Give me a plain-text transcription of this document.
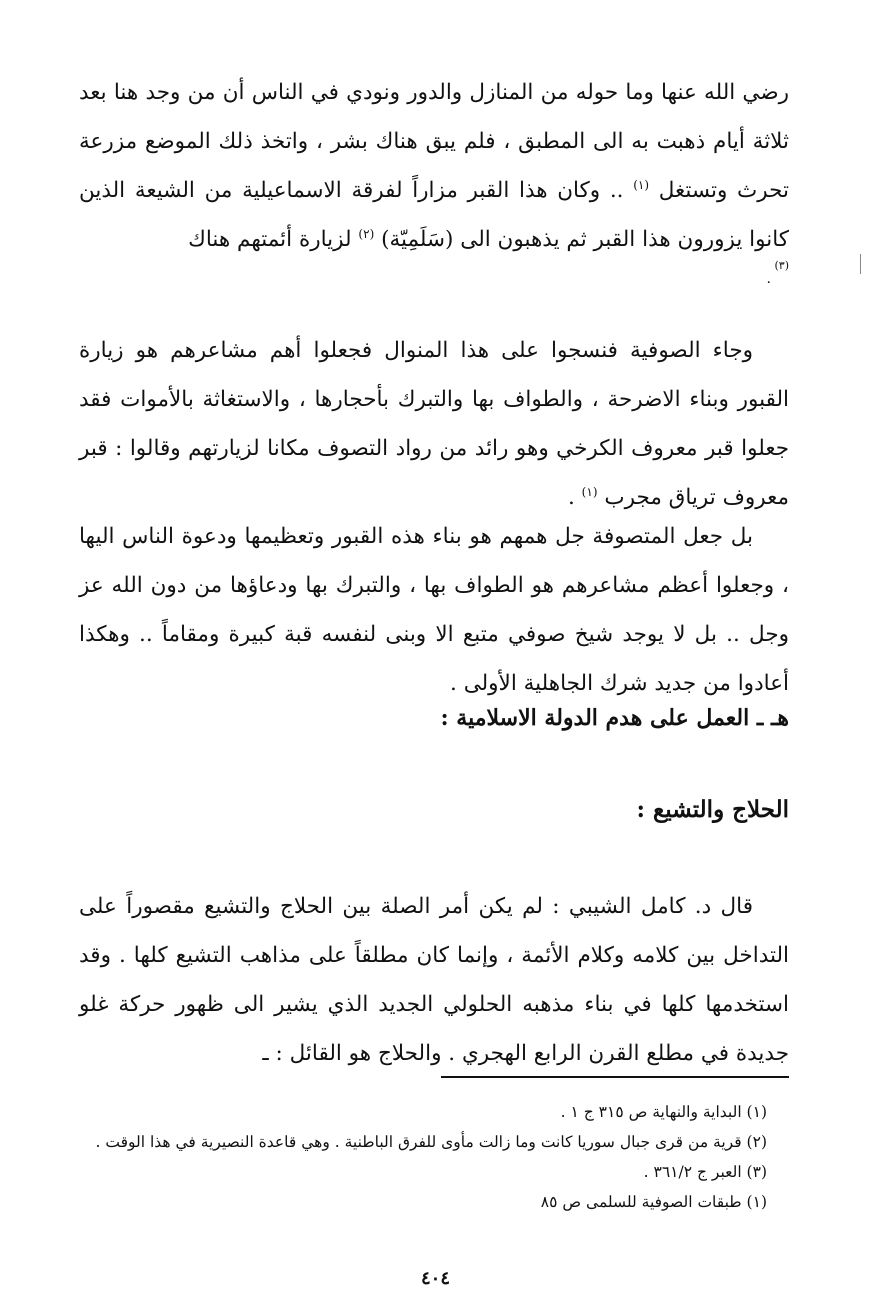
رضي الله عنها وما حوله من المنازل والدور ونودي في الناس أن من وجد هنا بعد ثلاثة أيام ذهبت به الى المطبق ، فلم يبق هناك بشر ، واتخذ ذلك الموضع مزرعة تحرث وتستغل $^{(١)}$ .. وكان هذا القبر مزاراً لفرقة الاسماعيلية من الشيعة الذين كانوا يزورون هذا القبر ثم يذهبون الى (سَلَمِيّة) $^{(٢)}$ لزيارة أئمتهم هناك

(٣)
.

وجاء الصوفية فنسجوا على هذا المنوال فجعلوا أهم مشاعرهم هو زيارة القبور وبناء الاضرحة ، والطواف بها والتبرك بأحجارها ، والاستغاثة بالأموات فقد جعلوا قبر معروف الكرخي وهو رائد من رواد التصوف مكانا لزيارتهم وقالوا : قبر معروف ترياق مجرب $^{(١)}$ .

بل جعل المتصوفة جل همهم هو بناء هذه القبور وتعظيمها ودعوة الناس اليها ، وجعلوا أعظم مشاعرهم هو الطواف بها ، والتبرك بها ودعاؤها من دون الله عز وجل .. بل لا يوجد شيخ صوفي متبع الا وبنى لنفسه قبة كبيرة ومقاماً .. وهكذا أعادوا من جديد شرك الجاهلية الأولى .

هـ ـ العمل على هدم الدولة الاسلامية :
الحلاج والتشيع :

قال د. كامل الشيبي : لم يكن أمر الصلة بين الحلاج والتشيع مقصوراً على التداخل بين كلامه وكلام الأئمة ، وإنما كان مطلقاً على مذاهب التشيع كلها . وقد استخدمها كلها في بناء مذهبه الحلولي الجديد الذي يشير الى ظهور حركة غلو جديدة في مطلع القرن الرابع الهجري . والحلاج هو القائل : ـ

(١) البداية والنهاية ص ٣١٥ ج ١ .
(٢) قرية من قرى جبال سوريا كانت وما زالت مأوى للفرق الباطنية . وهي قاعدة النصيرية في هذا الوقت .
(٣) العبر ج ٣٦١/٢ .
(١) طبقات الصوفية للسلمى ص ٨٥
٤٠٤
